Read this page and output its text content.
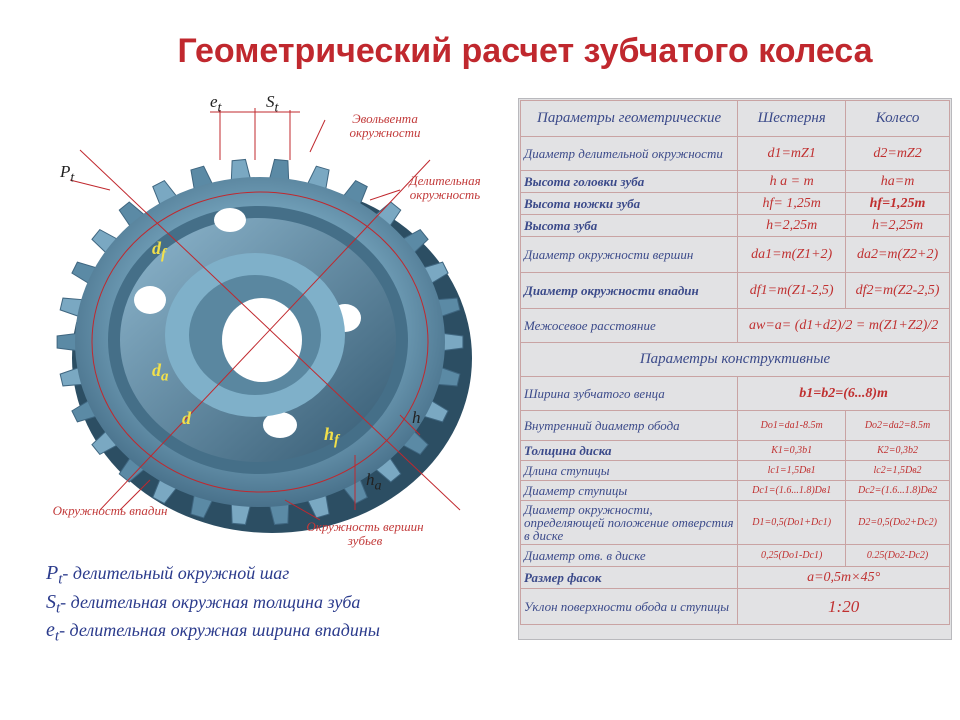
Геометрический расчет зубчатого колеса
Эвольвента окружности
Делительная окружность
Окружность впадин
Окружность вершин зубьев
$e_t$	$S_t$
$P_t$
h
$h_a$
$d_f$
$d_a$
d
$h_f$
$P_t-$ делительный окружной шаг
$S_t-$ делительная окружная толщина зуба
$e_t-$ делительная окружная ширина впадины
Параметры геометрические	Шестерня	Колесо
Диаметр делительной окружности	d1=mZ1	d2=mZ2
Высота головки зуба	h a = m	ha=m
Высота ножки зуба	hf= 1,25m	hf=1,25m
Высота зуба	h=2,25m	h=2,25m
Диаметр окружности вершин	da1=m(Z1+2)	da2=m(Z2+2)
Диаметр окружности впадин	df1=m(Z1-2,5)	df2=m(Z2-2,5)
Межосевое расстояние	aw=a= (d1+d2)/2 = m(Z1+Z2)/2	
Параметры конструктивные		
Ширина зубчатого венца	b1=b2=(6...8)m	
Внутренний диаметр обода	Do1=da1-8.5m	Do2=da2=8.5m
Толщина диска	K1=0,3b1	K2=0,3b2
Длина ступицы	lc1=1,5Dв1	lc2=1,5Dв2
Диаметр ступицы	Dc1=(1.6...1.8)Dв1	Dc2=(1.6...1.8)Dв2
Диаметр окружности, определяющей положение отверстия в диске	D1=0,5(Do1+Dc1)	D2=0,5(Do2+Dc2)
Диаметр отв. в диске	0,25(Do1-Dc1)	0.25(Do2-Dc2)
Размер фасок	a=0,5m×45°	
Уклон поверхности обода и ступицы	1:20	
